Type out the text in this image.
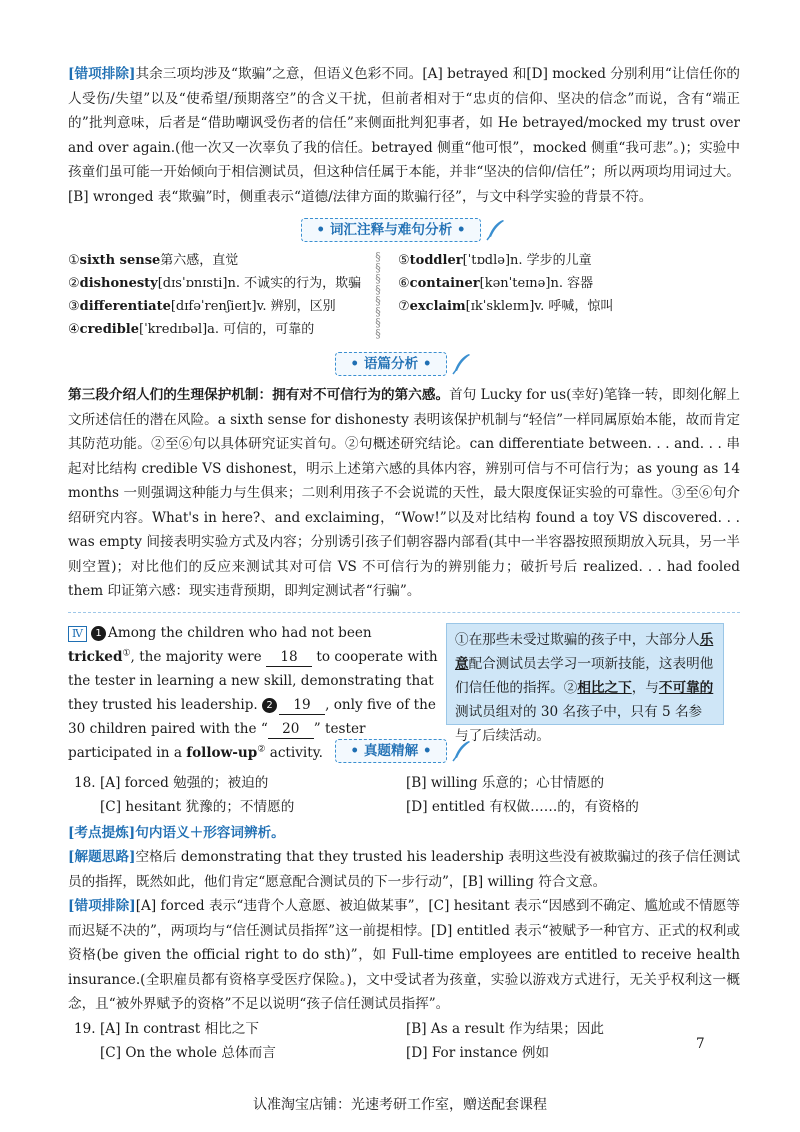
[错项排除]其余三项均涉及“欺骗”之意，但语义色彩不同。[A] betrayed 和[D] mocked 分别利用“让信任你的人受伤/失望”以及“使希望/预期落空”的含义干扰，但前者相对于“忠贞的信仰、坚决的信念”而说，含有“端正的”批判意味，后者是“借助嘲讽受伤者的信任”来侧面批判犯事者，如 He betrayed/mocked my trust over and over again.(他一次又一次辜负了我的信任。betrayed 侧重“他可恨”，mocked 侧重“我可悲”。)；实验中孩童们虽可能一开始倾向于相信测试员，但这种信任属于本能，并非“坚决的信仰/信任”；所以两项均用词过大。[B] wronged 表“欺骗”时，侧重表示“道德/法律方面的欺骗行径”，与文中科学实验的背景不符。

• 词汇注释与难句分析 •
①sixth sense第六感，直觉
②dishonesty[dɪsˈɒnɪsti]n. 不诚实的行为，欺骗
③differentiate[dɪfəˈrenʃieɪt]v. 辨别，区别
④credible[ˈkredɪbəl]a. 可信的，可靠的
§
§
§
§
§
§
§
§
⑤toddler[ˈtɒdlə]n. 学步的儿童
⑥container[kənˈteɪnə]n. 容器
⑦exclaim[ɪkˈskleɪm]v. 呼喊，惊叫
• 语篇分析 •

第三段介绍人们的生理保护机制：拥有对不可信行为的第六感。首句 Lucky for us(幸好)笔锋一转，即刻化解上文所述信任的潜在风险。a sixth sense for dishonesty 表明该保护机制与“轻信”一样同属原始本能，故而肯定其防范功能。②至⑥句以具体研究证实首句。②句概述研究结论。can differentiate between. . . and. . . 串起对比结构 credible VS dishonest，明示上述第六感的具体内容，辨别可信与不可信行为；as young as 14 months 一则强调这种能力与生俱来；二则利用孩子不会说谎的天性，最大限度保证实验的可靠性。③至⑥句介绍研究内容。What's in here?、and exclaiming，“Wow!”以及对比结构 found a toy VS discovered. . . was empty 间接表明实验方式及内容；分别诱引孩子们朝容器内部看(其中一半容器按照预期放入玩具，另一半则空置)；对比他们的反应来测试其对可信 VS 不可信行为的辨别能力；破折号后 realized. . . had fooled them 印证第六感：现实违背预期，即判定测试者“行骗”。

Ⅳ 1 Among the children who had not been tricked①, the majority were 18 to cooperate with the tester in learning a new skill, demonstrating that they trusted his leadership. 2 19 , only five of the 30 children paired with the “ 20 ” tester participated in a follow-up② activity.
①在那些未受过欺骗的孩子中，大部分人乐意配合测试员去学习一项新技能，这表明他们信任他的指挥。②相比之下，与不可靠的测试员组对的 30 名孩子中，只有 5 名参与了后续活动。
• 真题精解 •
18. [A] forced 勉强的；被迫的	[B] willing 乐意的；心甘情愿的
[C] hesitant 犹豫的；不情愿的	[D] entitled 有权做……的，有资格的

[考点提炼]句内语义＋形容词辨析。

[解题思路]空格后 demonstrating that they trusted his leadership 表明这些没有被欺骗过的孩子信任测试员的指挥，既然如此，他们肯定“愿意配合测试员的下一步行动”，[B] willing 符合文意。

[错项排除][A] forced 表示“违背个人意愿、被迫做某事”，[C] hesitant 表示“因感到不确定、尴尬或不情愿等而迟疑不决的”，两项均与“信任测试员指挥”这一前提相悖。[D] entitled 表示“被赋予一种官方、正式的权利或资格(be given the official right to do sth)”，如 Full-time employees are entitled to receive health insurance.(全职雇员都有资格享受医疗保险。)，文中受试者为孩童，实验以游戏方式进行，无关乎权利这一概念，且“被外界赋予的资格”不足以说明“孩子信任测试员指挥”。

19. [A] In contrast 相比之下	[B] As a result 作为结果；因此
[C] On the whole 总体而言	[D] For instance 例如
7
认准淘宝店铺：光速考研工作室，赠送配套课程
